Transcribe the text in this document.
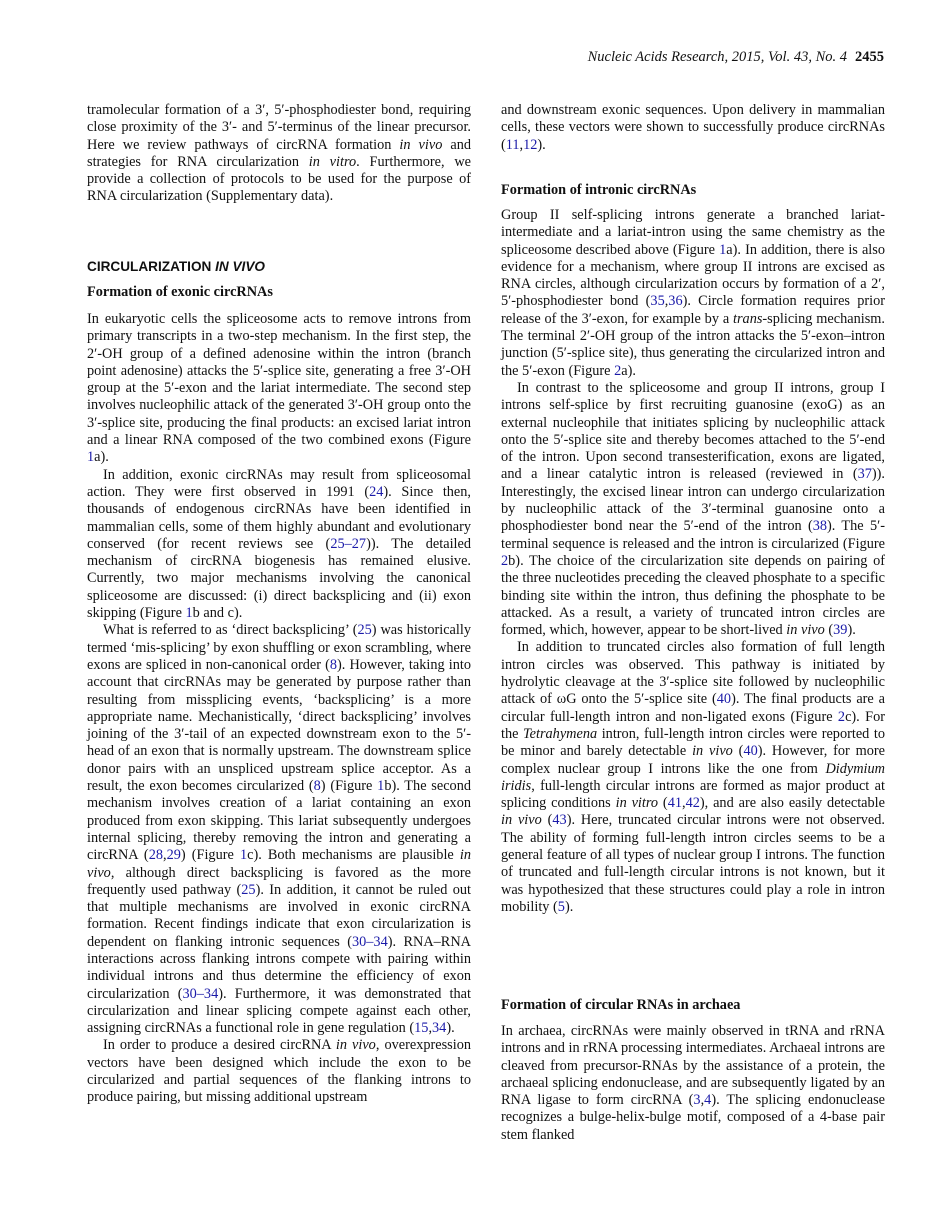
Nucleic Acids Research, 2015, Vol. 43, No. 4 2455

tramolecular formation of a 3′, 5′-phosphodiester bond, requiring close proximity of the 3′- and 5′-terminus of the linear precursor. Here we review pathways of circRNA formation in vivo and strategies for RNA circularization in vitro. Furthermore, we provide a collection of protocols to be used for the purpose of RNA circularization (Supplementary data).

CIRCULARIZATION IN VIVO
Formation of exonic circRNAs

In eukaryotic cells the spliceosome acts to remove introns from primary transcripts in a two-step mechanism. In the first step, the 2′-OH group of a defined adenosine within the intron (branch point adenosine) attacks the 5′-splice site, generating a free 3′-OH group at the 5′-exon and the lariat intermediate. The second step involves nucleophilic attack of the generated 3′-OH group onto the 3′-splice site, producing the final products: an excised lariat intron and a linear RNA composed of the two combined exons (Figure 1a).

In addition, exonic circRNAs may result from spliceosomal action. They were first observed in 1991 (24). Since then, thousands of endogenous circRNAs have been identified in mammalian cells, some of them highly abundant and evolutionary conserved (for recent reviews see (25–27)). The detailed mechanism of circRNA biogenesis has remained elusive. Currently, two major mechanisms involving the canonical spliceosome are discussed: (i) direct backsplicing and (ii) exon skipping (Figure 1b and c).

What is referred to as ‘direct backsplicing’ (25) was historically termed ‘mis-splicing’ by exon shuffling or exon scrambling, where exons are spliced in non-canonical order (8). However, taking into account that circRNAs may be generated by purpose rather than resulting from missplicing events, ‘backsplicing’ is a more appropriate name. Mechanistically, ‘direct backsplicing’ involves joining of the 3′-tail of an expected downstream exon to the 5′-head of an exon that is normally upstream. The downstream splice donor pairs with an unspliced upstream splice acceptor. As a result, the exon becomes circularized (8) (Figure 1b). The second mechanism involves creation of a lariat containing an exon produced from exon skipping. This lariat subsequently undergoes internal splicing, thereby removing the intron and generating a circRNA (28,29) (Figure 1c). Both mechanisms are plausible in vivo, although direct backsplicing is favored as the more frequently used pathway (25). In addition, it cannot be ruled out that multiple mechanisms are involved in exonic circRNA formation. Recent findings indicate that exon circularization is dependent on flanking intronic sequences (30–34). RNA–RNA interactions across flanking introns compete with pairing within individual introns and thus determine the efficiency of exon circularization (30–34). Furthermore, it was demonstrated that circularization and linear splicing compete against each other, assigning circRNAs a functional role in gene regulation (15,34).

In order to produce a desired circRNA in vivo, overexpression vectors have been designed which include the exon to be circularized and partial sequences of the flanking introns to produce pairing, but missing additional upstream

and downstream exonic sequences. Upon delivery in mammalian cells, these vectors were shown to successfully produce circRNAs (11,12).

Formation of intronic circRNAs

Group II self-splicing introns generate a branched lariat-intermediate and a lariat-intron using the same chemistry as the spliceosome described above (Figure 1a). In addition, there is also evidence for a mechanism, where group II introns are excised as RNA circles, although circularization occurs by formation of a 2′, 5′-phosphodiester bond (35,36). Circle formation requires prior release of the 3′-exon, for example by a trans-splicing mechanism. The terminal 2′-OH group of the intron attacks the 5′-exon–intron junction (5′-splice site), thus generating the circularized intron and the 5′-exon (Figure 2a).

In contrast to the spliceosome and group II introns, group I introns self-splice by first recruiting guanosine (exoG) as an external nucleophile that initiates splicing by nucleophilic attack onto the 5′-splice site and thereby becomes attached to the 5′-end of the intron. Upon second transesterification, exons are ligated, and a linear catalytic intron is released (reviewed in (37)). Interestingly, the excised linear intron can undergo circularization by nucleophilic attack of the 3′-terminal guanosine onto a phosphodiester bond near the 5′-end of the intron (38). The 5′-terminal sequence is released and the intron is circularized (Figure 2b). The choice of the circularization site depends on pairing of the three nucleotides preceding the cleaved phosphate to a specific binding site within the intron, thus defining the phosphate to be attacked. As a result, a variety of truncated intron circles are formed, which, however, appear to be short-lived in vivo (39).

In addition to truncated circles also formation of full length intron circles was observed. This pathway is initiated by hydrolytic cleavage at the 3′-splice site followed by nucleophilic attack of ωG onto the 5′-splice site (40). The final products are a circular full-length intron and non-ligated exons (Figure 2c). For the Tetrahymena intron, full-length intron circles were reported to be minor and barely detectable in vivo (40). However, for more complex nuclear group I introns like the one from Didymium iridis, full-length circular introns are formed as major product at splicing conditions in vitro (41,42), and are also easily detectable in vivo (43). Here, truncated circular introns were not observed. The ability of forming full-length intron circles seems to be a general feature of all types of nuclear group I introns. The function of truncated and full-length circular introns is not known, but it was hypothesized that these structures could play a role in intron mobility (5).

Formation of circular RNAs in archaea

In archaea, circRNAs were mainly observed in tRNA and rRNA introns and in rRNA processing intermediates. Archaeal introns are cleaved from precursor-RNAs by the assistance of a protein, the archaeal splicing endonuclease, and are subsequently ligated by an RNA ligase to form circRNA (3,4). The splicing endonuclease recognizes a bulge-helix-bulge motif, composed of a 4-base pair stem flanked
